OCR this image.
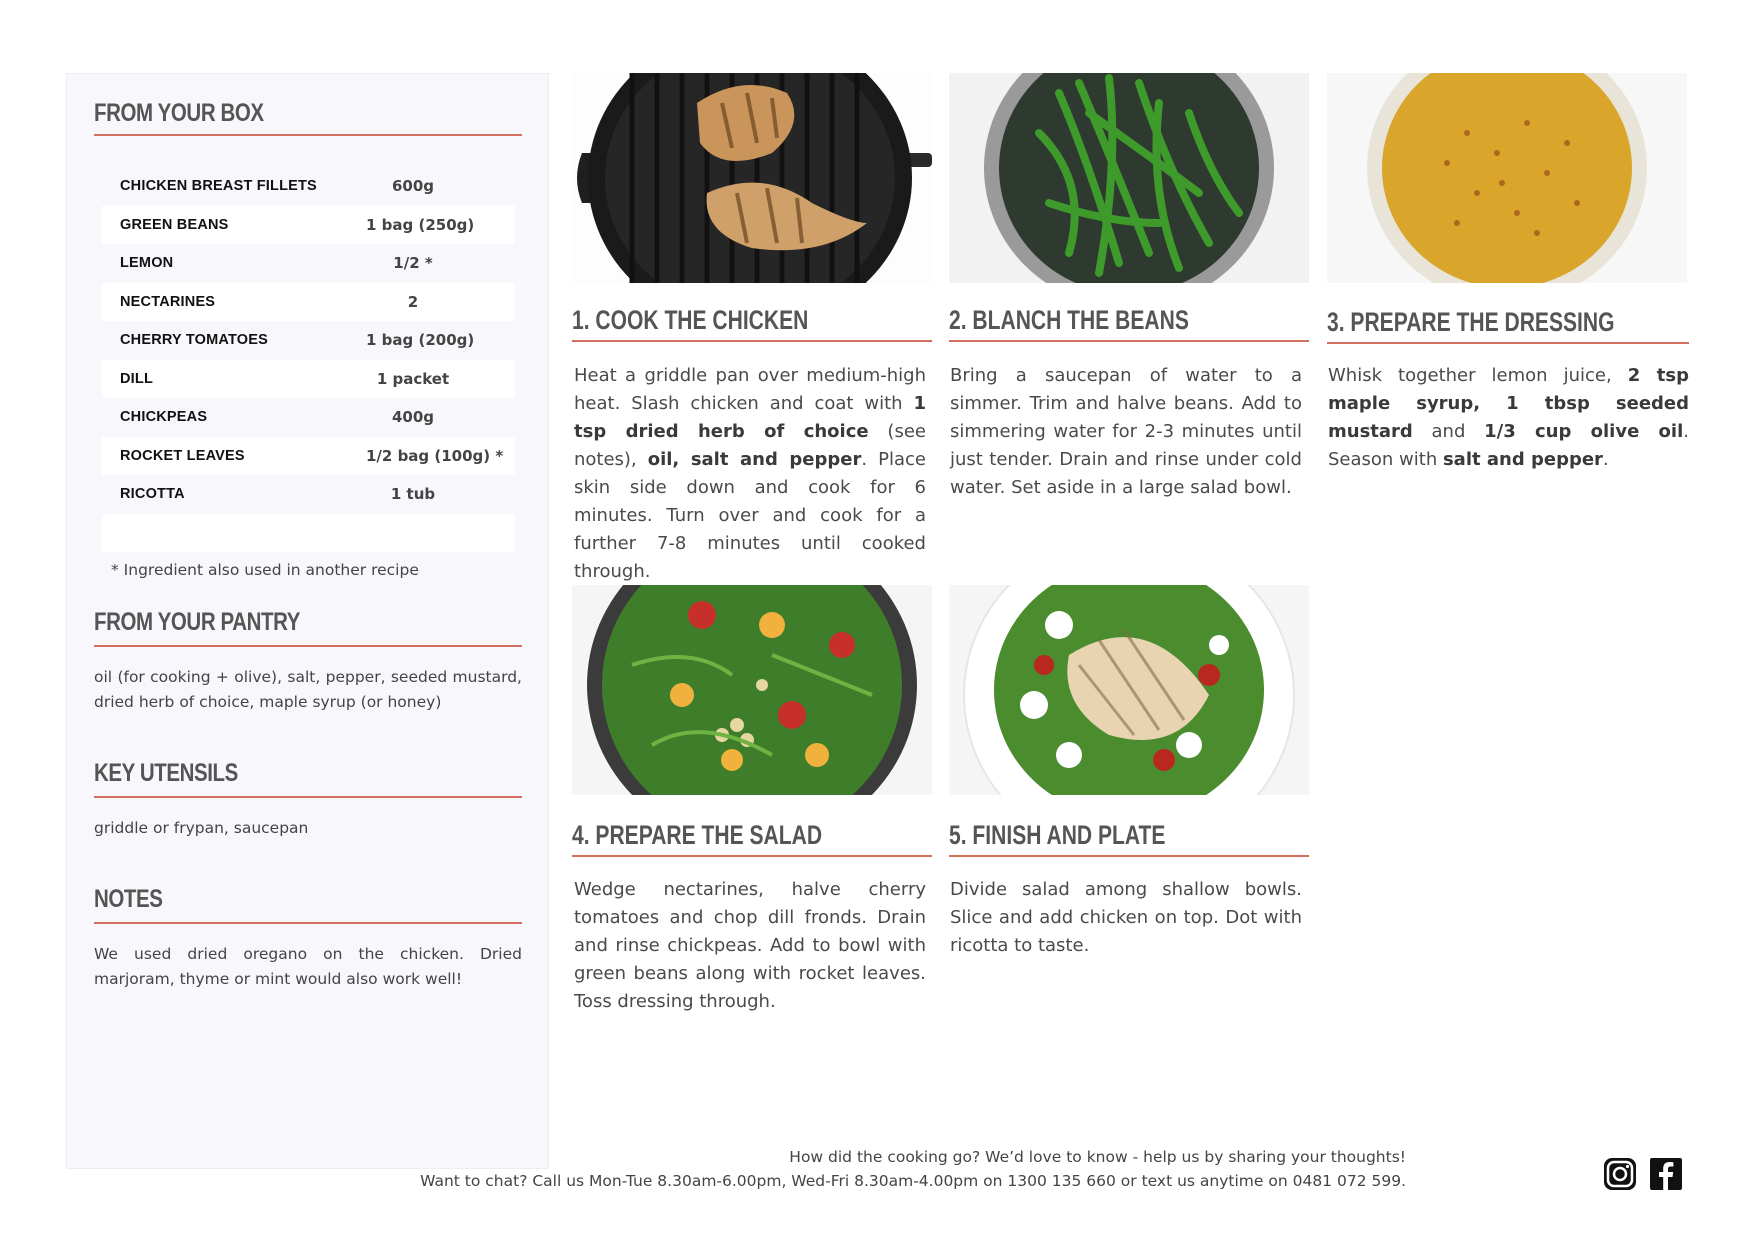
FROM YOUR BOX
CHICKEN BREAST FILLETS	600g
GREEN BEANS	1 bag (250g)
LEMON	1/2 *
NECTARINES	2
CHERRY TOMATOES	1 bag (200g)
DILL	1 packet
CHICKPEAS	400g
ROCKET LEAVES	1/2 bag (100g) *
RICOTTA	1 tub
* Ingredient also used in another recipe
FROM YOUR PANTRY
oil (for cooking + olive), salt, pepper, seeded mustard, dried herb of choice, maple syrup (or honey)
KEY UTENSILS
griddle or frypan, saucepan
NOTES
We used dried oregano on the chicken. Dried marjoram, thyme or mint would also work well!
1. COOK THE CHICKEN
Heat a griddle pan over medium-high heat. Slash chicken and coat with 1 tsp dried herb of choice (see notes), oil, salt and pepper. Place skin side down and cook for 6 minutes. Turn over and cook for a further 7-8 minutes until cooked through.
2. BLANCH THE BEANS
Bring a saucepan of water to a simmer. Trim and halve beans. Add to simmering water for 2-3 minutes until just tender. Drain and rinse under cold water. Set aside in a large salad bowl.
3. PREPARE THE DRESSING
Whisk together lemon juice, 2 tsp maple syrup, 1 tbsp seeded mustard and 1/3 cup olive oil. Season with salt and pepper.
4. PREPARE THE SALAD
Wedge nectarines, halve cherry tomatoes and chop dill fronds. Drain and rinse chickpeas. Add to bowl with green beans along with rocket leaves. Toss dressing through.
5. FINISH AND PLATE
Divide salad among shallow bowls. Slice and add chicken on top. Dot with ricotta to taste.
How did the cooking go? We’d love to know - help us by sharing your thoughts!
Want to chat? Call us Mon-Tue 8.30am-6.00pm, Wed-Fri 8.30am-4.00pm on 1300 135 660 or text us anytime on 0481 072 599.
